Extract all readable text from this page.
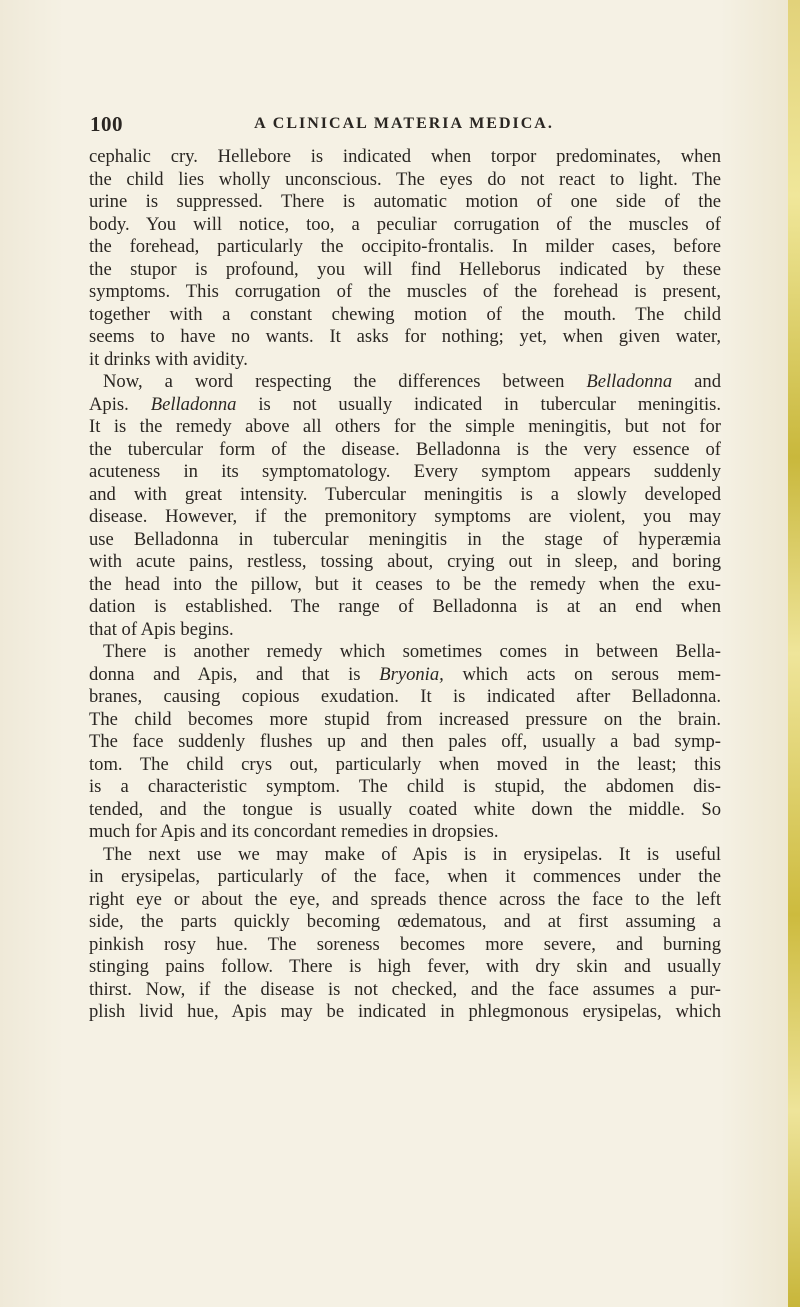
100	A CLINICAL MATERIA MEDICA.
cephalic cry. Hellebore is indicated when torpor predominates, when
the child lies wholly unconscious. The eyes do not react to light. The
urine is suppressed. There is automatic motion of one side of the
body. You will notice, too, a peculiar corrugation of the muscles of
the forehead, particularly the occipito-frontalis. In milder cases, before
the stupor is profound, you will find Helleborus indicated by these
symptoms. This corrugation of the muscles of the forehead is present,
together with a constant chewing motion of the mouth. The child
seems to have no wants. It asks for nothing; yet, when given water,
it drinks with avidity.
Now, a word respecting the differences between Belladonna and
Apis. Belladonna is not usually indicated in tubercular meningitis.
It is the remedy above all others for the simple meningitis, but not for
the tubercular form of the disease. Belladonna is the very essence of
acuteness in its symptomatology. Every symptom appears suddenly
and with great intensity. Tubercular meningitis is a slowly developed
disease. However, if the premonitory symptoms are violent, you may
use Belladonna in tubercular meningitis in the stage of hyperæmia
with acute pains, restless, tossing about, crying out in sleep, and boring
the head into the pillow, but it ceases to be the remedy when the exu-
dation is established. The range of Belladonna is at an end when
that of Apis begins.
There is another remedy which sometimes comes in between Bella-
donna and Apis, and that is Bryonia, which acts on serous mem-
branes, causing copious exudation. It is indicated after Belladonna.
The child becomes more stupid from increased pressure on the brain.
The face suddenly flushes up and then pales off, usually a bad symp-
tom. The child crys out, particularly when moved in the least; this
is a characteristic symptom. The child is stupid, the abdomen dis-
tended, and the tongue is usually coated white down the middle. So
much for Apis and its concordant remedies in dropsies.
The next use we may make of Apis is in erysipelas. It is useful
in erysipelas, particularly of the face, when it commences under the
right eye or about the eye, and spreads thence across the face to the left
side, the parts quickly becoming œdematous, and at first assuming a
pinkish rosy hue. The soreness becomes more severe, and burning
stinging pains follow. There is high fever, with dry skin and usually
thirst. Now, if the disease is not checked, and the face assumes a pur-
plish livid hue, Apis may be indicated in phlegmonous erysipelas, which
